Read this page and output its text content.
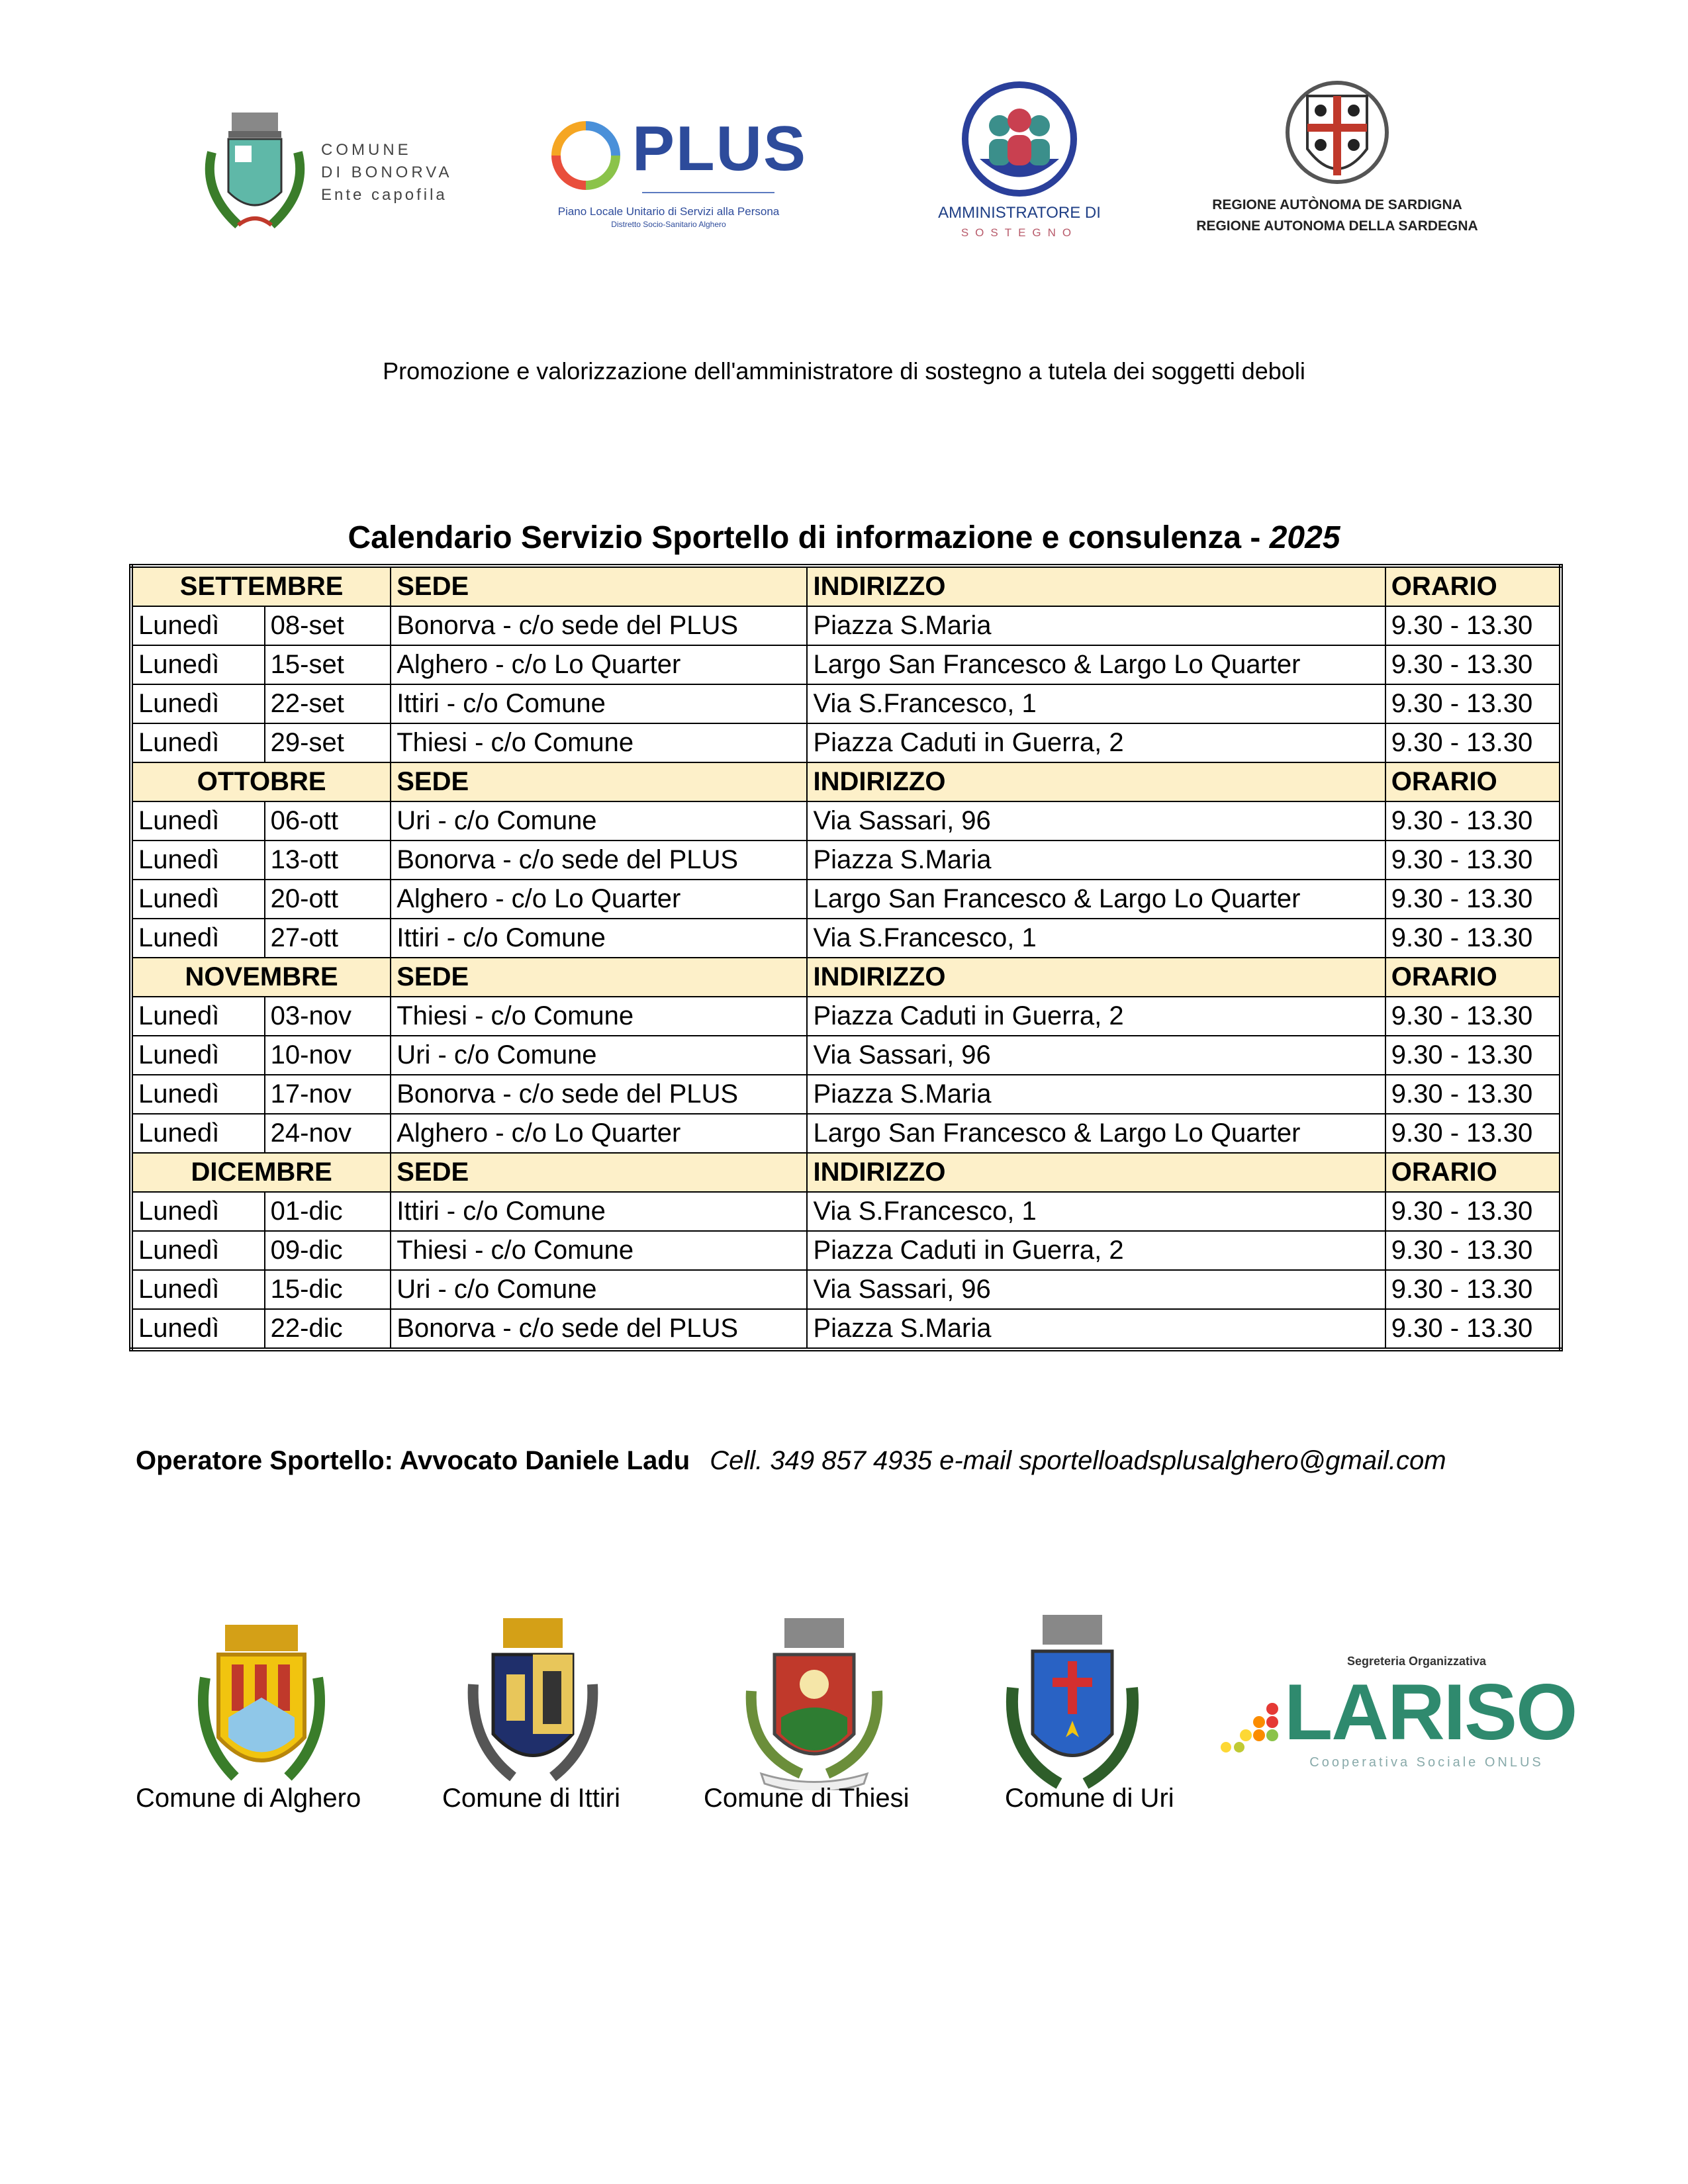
COMUNE
DI BONORVA
Ente capofila
PLUS
Piano Locale Unitario di Servizi alla Persona
Distretto Socio-Sanitario Alghero
AMMINISTRATORE DI
SOSTEGNO
REGIONE AUTÒNOMA DE SARDIGNA
REGIONE AUTONOMA DELLA SARDEGNA
Promozione e valorizzazione dell'amministratore di sostegno a tutela dei soggetti deboli
Calendario Servizio Sportello di informazione e consulenza - 2025
SETTEMBRE		SEDE	INDIRIZZO	ORARIO
Lunedì	08-set	Bonorva - c/o sede del PLUS	Piazza S.Maria	9.30 - 13.30
Lunedì	15-set	Alghero - c/o Lo Quarter	Largo San Francesco & Largo Lo Quarter	9.30 - 13.30
Lunedì	22-set	Ittiri - c/o Comune	Via S.Francesco, 1	9.30 - 13.30
Lunedì	29-set	Thiesi - c/o Comune	Piazza Caduti in Guerra, 2	9.30 - 13.30
OTTOBRE		SEDE	INDIRIZZO	ORARIO
Lunedì	06-ott	Uri - c/o Comune	Via Sassari, 96	9.30 - 13.30
Lunedì	13-ott	Bonorva - c/o sede del PLUS	Piazza S.Maria	9.30 - 13.30
Lunedì	20-ott	Alghero - c/o Lo Quarter	Largo San Francesco & Largo Lo Quarter	9.30 - 13.30
Lunedì	27-ott	Ittiri - c/o Comune	Via S.Francesco, 1	9.30 - 13.30
NOVEMBRE		SEDE	INDIRIZZO	ORARIO
Lunedì	03-nov	Thiesi - c/o Comune	Piazza Caduti in Guerra, 2	9.30 - 13.30
Lunedì	10-nov	Uri - c/o Comune	Via Sassari, 96	9.30 - 13.30
Lunedì	17-nov	Bonorva - c/o sede del PLUS	Piazza S.Maria	9.30 - 13.30
Lunedì	24-nov	Alghero - c/o Lo Quarter	Largo San Francesco & Largo Lo Quarter	9.30 - 13.30
DICEMBRE		SEDE	INDIRIZZO	ORARIO
Lunedì	01-dic	Ittiri - c/o Comune	Via S.Francesco, 1	9.30 - 13.30
Lunedì	09-dic	Thiesi - c/o Comune	Piazza Caduti in Guerra, 2	9.30 - 13.30
Lunedì	15-dic	Uri - c/o Comune	Via Sassari, 96	9.30 - 13.30
Lunedì	22-dic	Bonorva - c/o sede del PLUS	Piazza S.Maria	9.30 - 13.30
Operatore Sportello: Avvocato Daniele Ladu Cell. 349 857 4935 e-mail sportelloadsplusalghero@gmail.com
Comune di Alghero	Comune di Ittiri	Comune di Thiesi	Comune di Uri
Segreteria Organizzativa
LARISO
Cooperativa Sociale ONLUS
